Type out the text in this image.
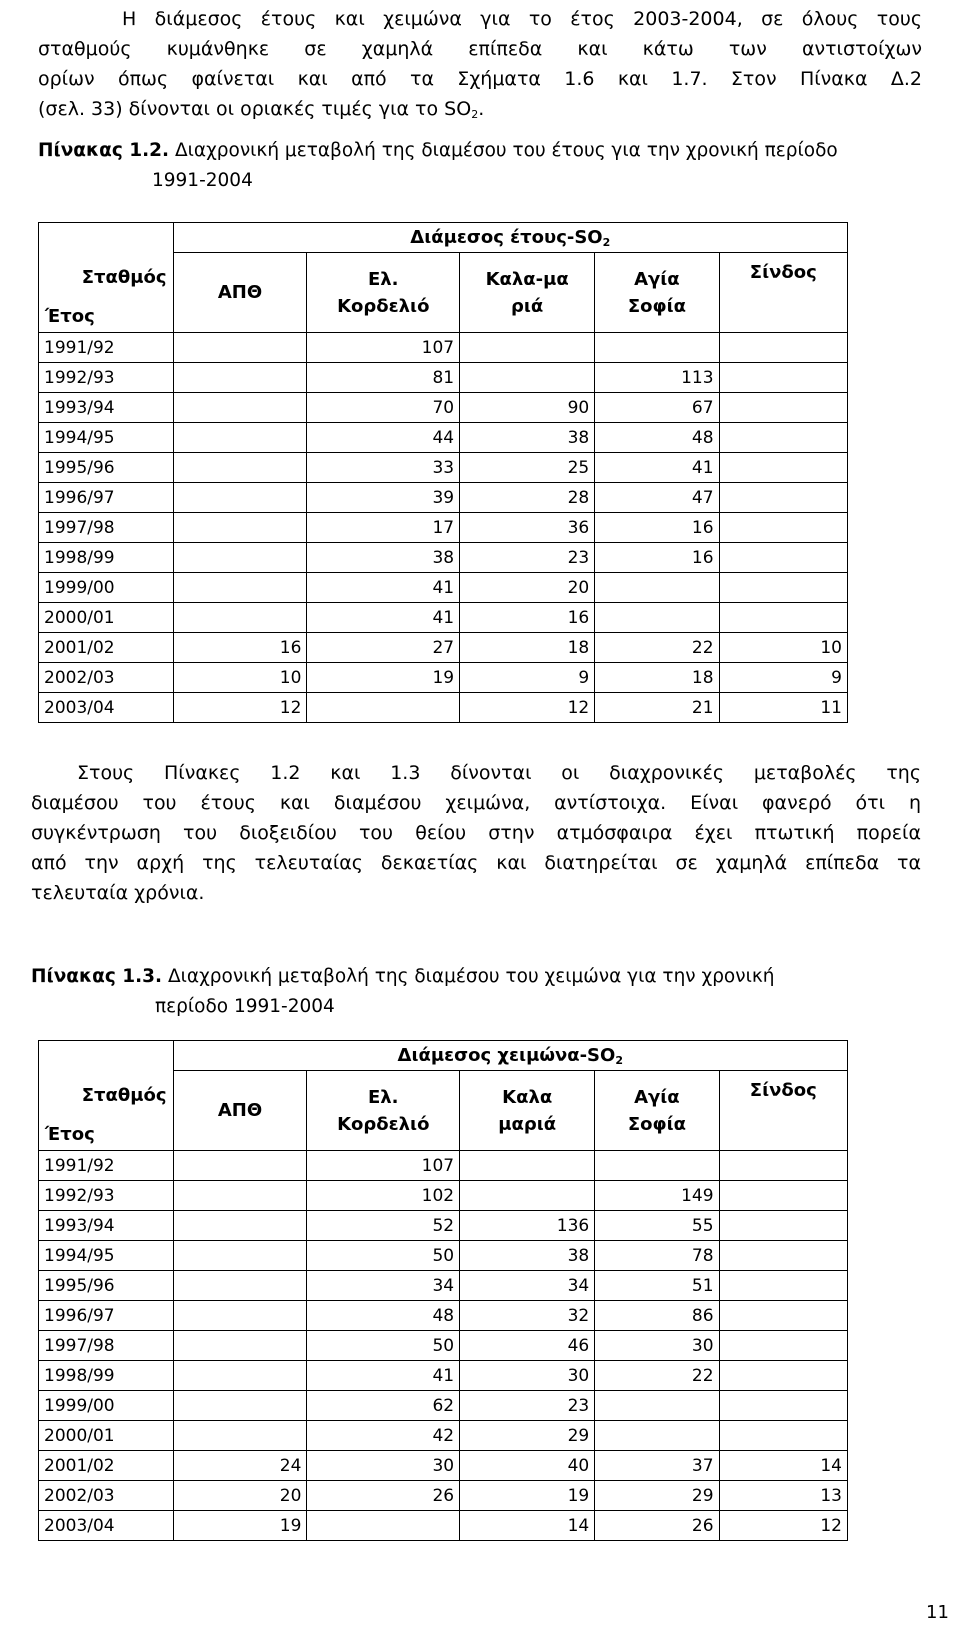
Η διάμεσος έτους και χειμώνα για το έτος 2003-2004, σε όλους τους
σταθμούς κυμάνθηκε σε χαμηλά επίπεδα και κάτω των αντιστοίχων
ορίων όπως φαίνεται και από τα Σχήματα 1.6 και 1.7. Στον Πίνακα Δ.2
(σελ. 33) δίνονται οι οριακές τιμές για το $SO_2$.
Πίνακας 1.2. Διαχρονική μεταβολή της διαμέσου του έτους για την χρονική περίοδο
1991-2004
Σταθμός
Έτος	Διάμεσος έτους-$SO_2$
	ΑΠΘ	Ελ. Κορδελιό	Καλα-μαριά	Αγία Σοφία	Σίνδος
1991/92		107			
1992/93		81		113	
1993/94		70	90	67	
1994/95		44	38	48	
1995/96		33	25	41	
1996/97		39	28	47	
1997/98		17	36	16	
1998/99		38	23	16	
1999/00		41	20		
2000/01		41	16		
2001/02	16	27	18	22	10
2002/03	10	19	9	18	9
2003/04	12		12	21	11
Στους Πίνακες 1.2 και 1.3 δίνονται οι διαχρονικές μεταβολές της
διαμέσου του έτους και διαμέσου χειμώνα, αντίστοιχα. Είναι φανερό ότι η
συγκέντρωση του διοξειδίου του θείου στην ατμόσφαιρα έχει πτωτική πορεία
από την αρχή της τελευταίας δεκαετίας και διατηρείται σε χαμηλά επίπεδα τα
τελευταία χρόνια.
Πίνακας 1.3. Διαχρονική μεταβολή της διαμέσου του χειμώνα για την χρονική
περίοδο 1991-2004
Σταθμός
Έτος	Διάμεσος χειμώνα-$SO_2$
	ΑΠΘ	Ελ. Κορδελιό	Καλα μαριά	Αγία Σοφία	Σίνδος
1991/92		107			
1992/93		102		149	
1993/94		52	136	55	
1994/95		50	38	78	
1995/96		34	34	51	
1996/97		48	32	86	
1997/98		50	46	30	
1998/99		41	30	22	
1999/00		62	23		
2000/01		42	29		
2001/02	24	30	40	37	14
2002/03	20	26	19	29	13
2003/04	19		14	26	12
11
